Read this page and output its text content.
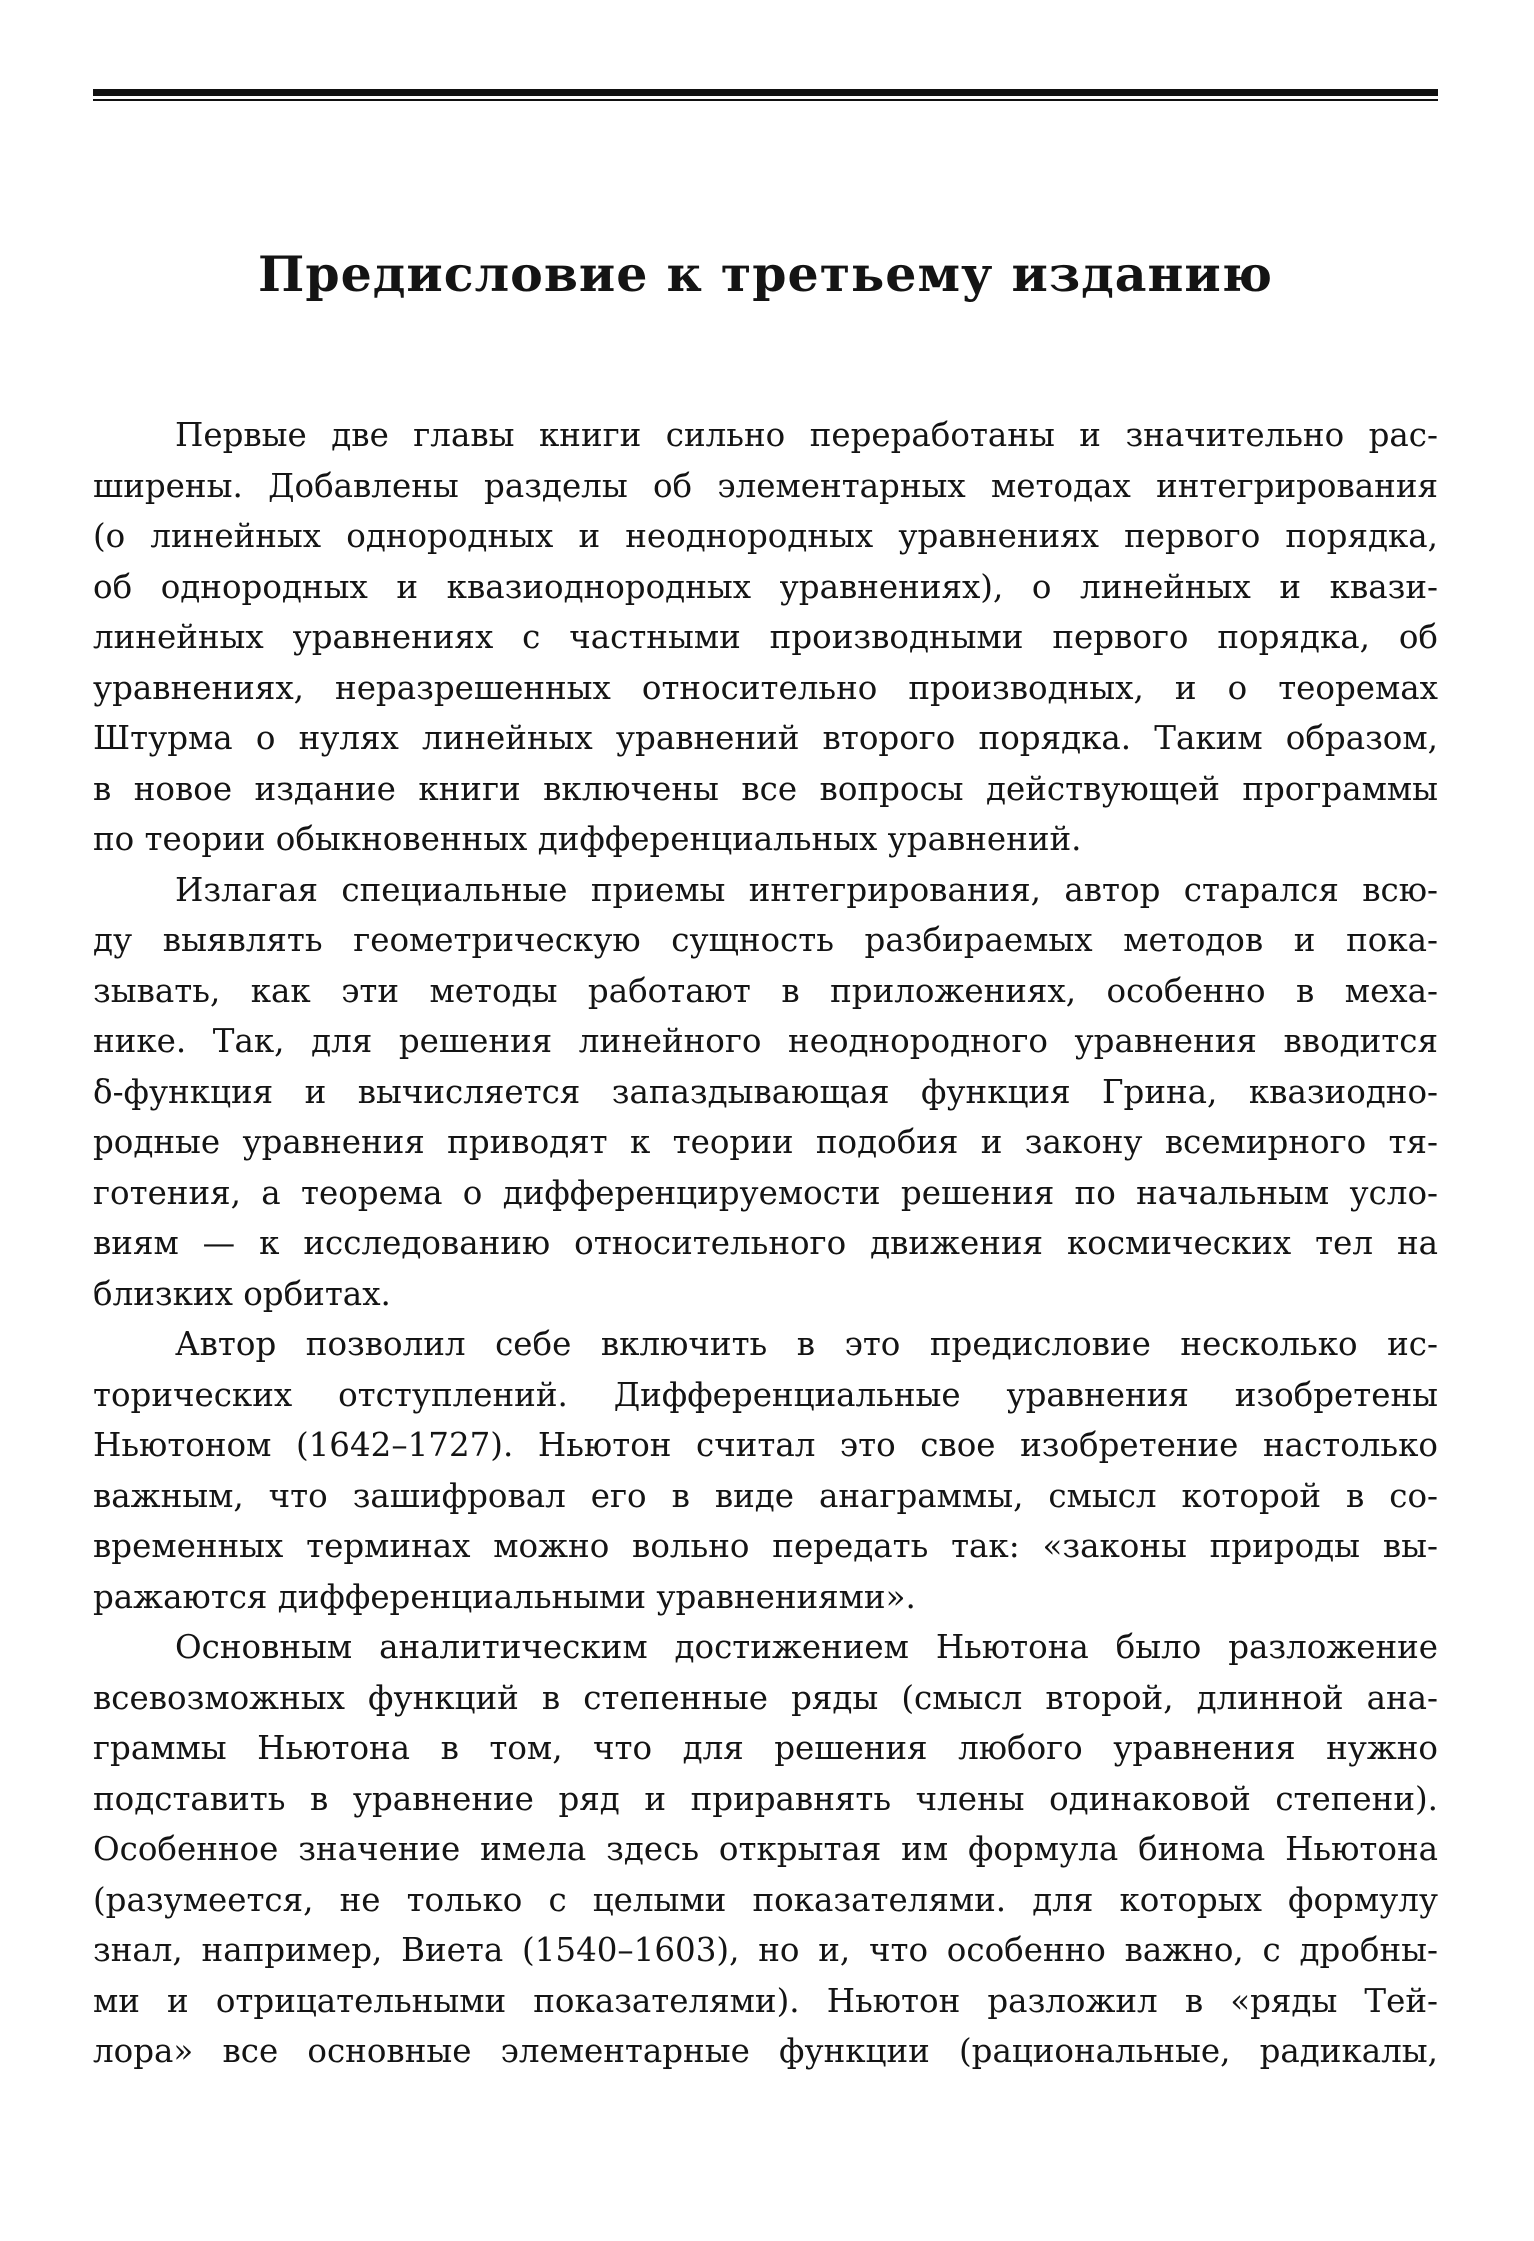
Предисловие к третьему изданию

Первые две главы книги сильно переработаны и значительно рас-
ширены. Добавлены разделы об элементарных методах интегрирования
(о линейных однородных и неоднородных уравнениях первого порядка,
об однородных и квазиоднородных уравнениях), о линейных и квази-
линейных уравнениях с частными производными первого порядка, об
уравнениях, неразрешенных относительно производных, и о теоремах
Штурма о нулях линейных уравнений второго порядка. Таким образом,
в новое издание книги включены все вопросы действующей программы
по теории обыкновенных дифференциальных уравнений.

Излагая специальные приемы интегрирования, автор старался всю-
ду выявлять геометрическую сущность разбираемых методов и пока-
зывать, как эти методы работают в приложениях, особенно в меха-
нике. Так, для решения линейного неоднородного уравнения вводится
δ-функция и вычисляется запаздывающая функция Грина, квазиодно-
родные уравнения приводят к теории подобия и закону всемирного тя-
готения, а теорема о дифференцируемости решения по начальным усло-
виям — к исследованию относительного движения космических тел на
близких орбитах.

Автор позволил себе включить в это предисловие несколько ис-
торических отступлений. Дифференциальные уравнения изобретены
Ньютоном (1642–1727). Ньютон считал это свое изобретение настолько
важным, что зашифровал его в виде анаграммы, смысл которой в со-
временных терминах можно вольно передать так: «законы природы вы-
ражаются дифференциальными уравнениями».

Основным аналитическим достижением Ньютона было разложение
всевозможных функций в степенные ряды (смысл второй, длинной ана-
граммы Ньютона в том, что для решения любого уравнения нужно
подставить в уравнение ряд и приравнять члены одинаковой степени).
Особенное значение имела здесь открытая им формула бинома Ньютона
(разумеется, не только с целыми показателями. для которых формулу
знал, например, Виета (1540–1603), но и, что особенно важно, с дробны-
ми и отрицательными показателями). Ньютон разложил в «ряды Тей-
лора» все основные элементарные функции (рациональные, радикалы,
